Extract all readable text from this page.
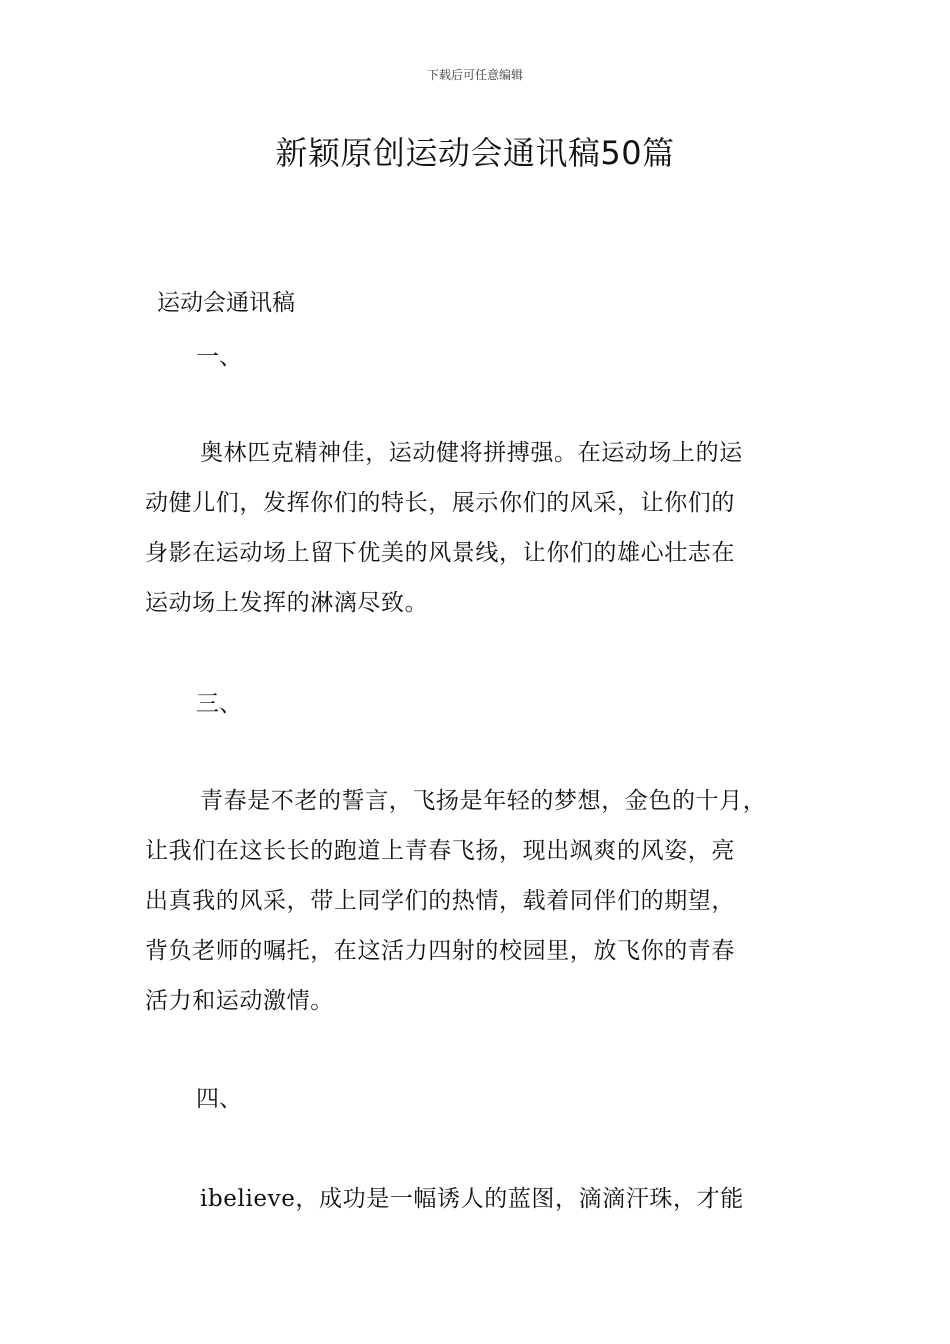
下载后可任意编辑
新颖原创运动会通讯稿50篇
运动会通讯稿
一、
奥林匹克精神佳，运动健将拼搏强。在运动场上的运
动健儿们，发挥你们的特长，展示你们的风采，让你们的
身影在运动场上留下优美的风景线，让你们的雄心壮志在
运动场上发挥的淋漓尽致。
三、
青春是不老的誓言，飞扬是年轻的梦想，金色的十月，
让我们在这长长的跑道上青春飞扬，现出飒爽的风姿，亮
出真我的风采，带上同学们的热情，载着同伴们的期望，
背负老师的嘱托，在这活力四射的校园里，放飞你的青春
活力和运动激情。
四、
ibelieve，成功是一幅诱人的蓝图，滴滴汗珠，才能
